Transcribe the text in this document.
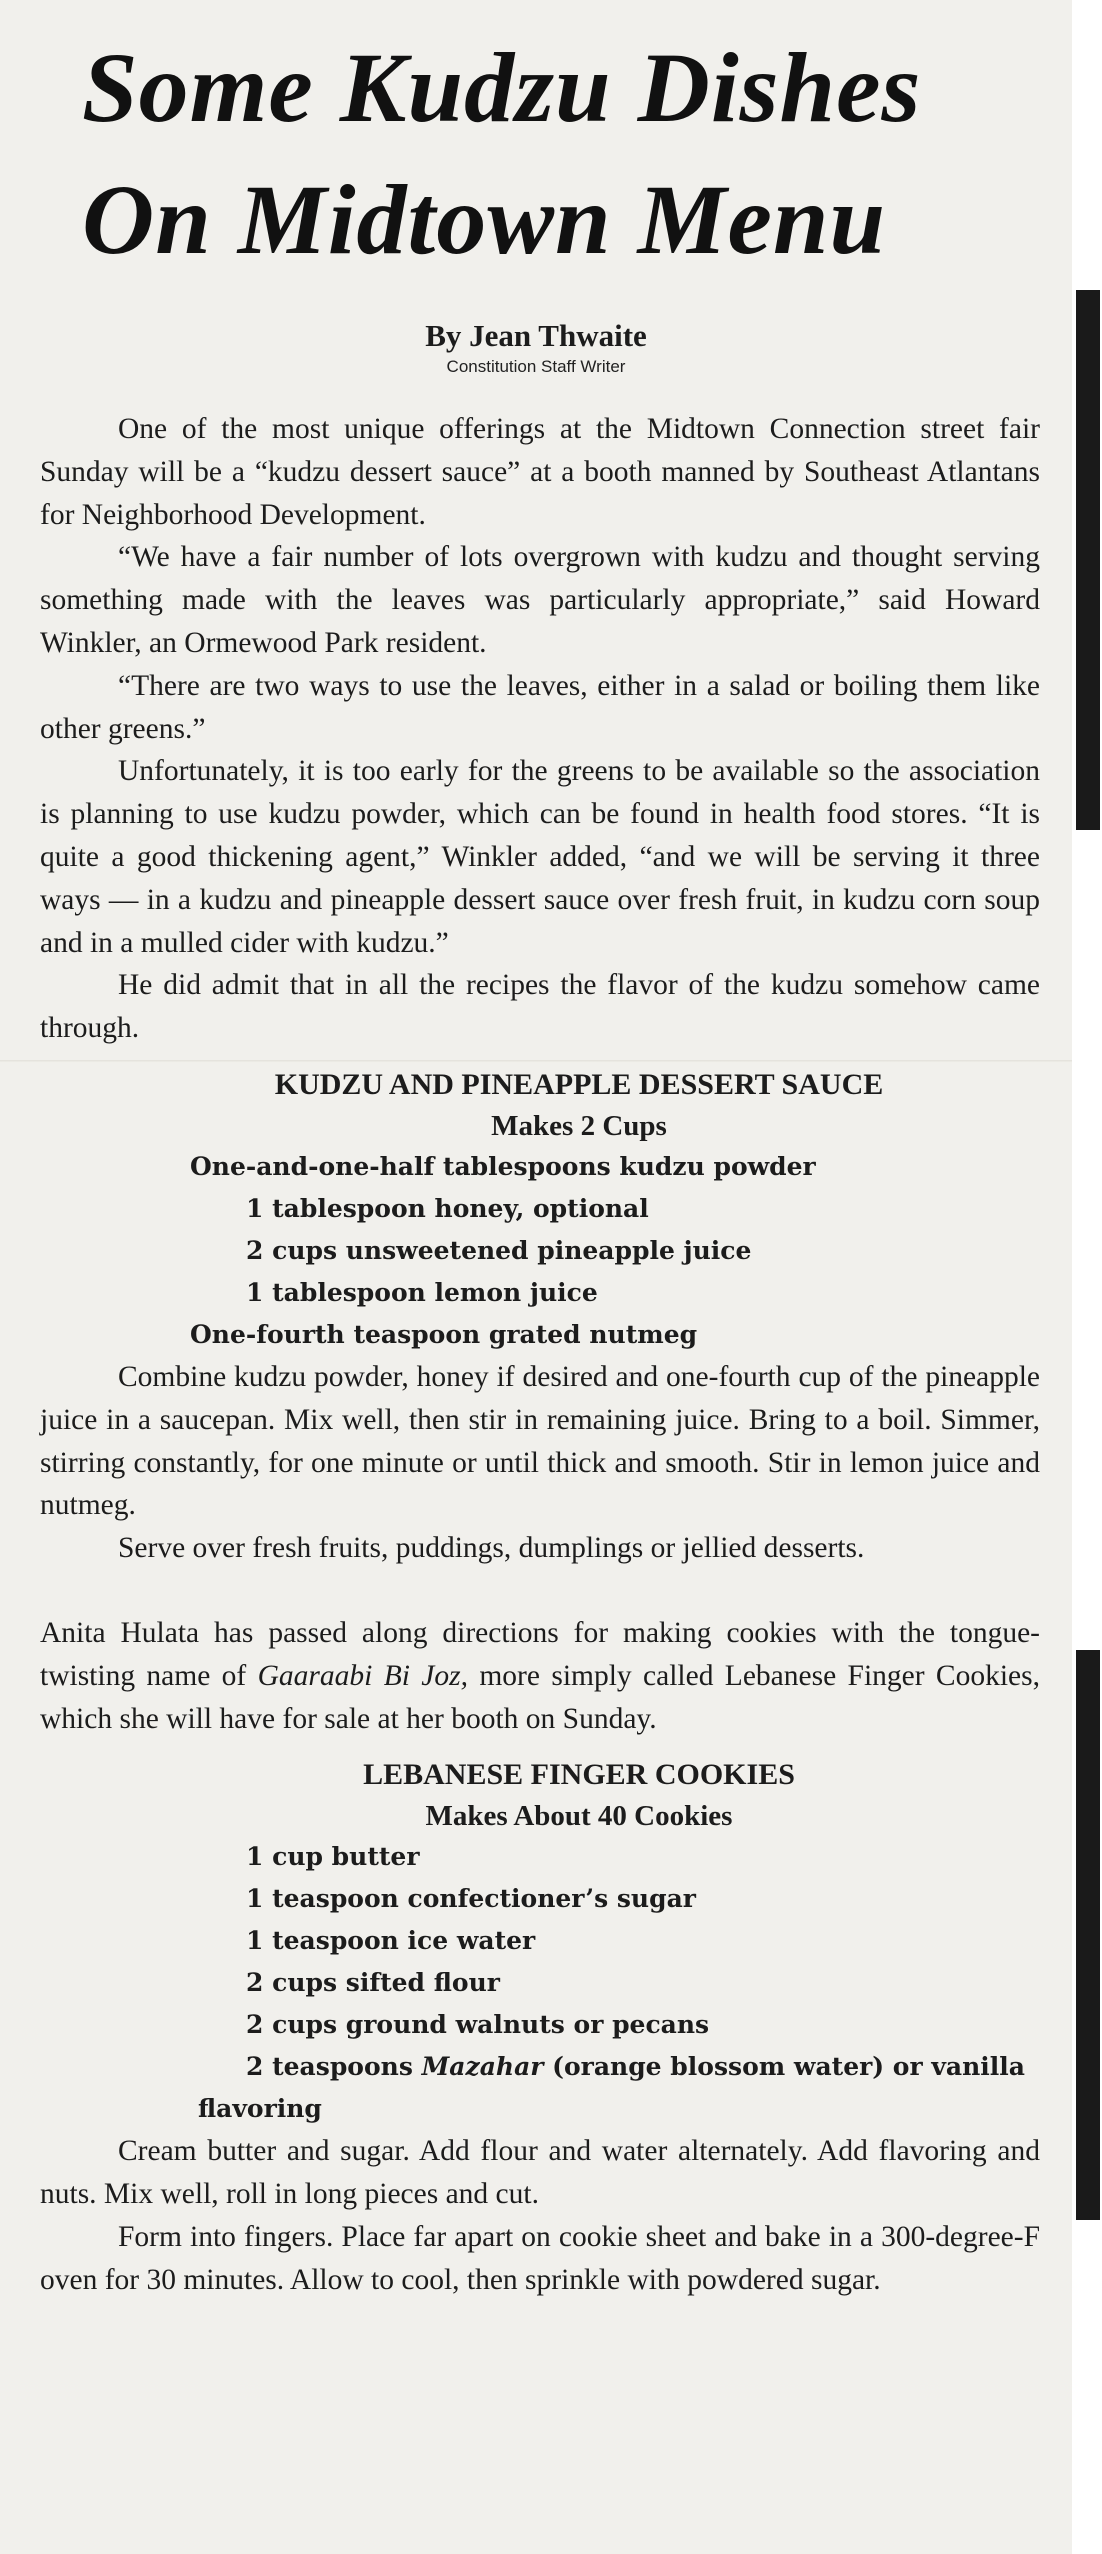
Some Kudzu Dishes
On Midtown Menu
By Jean Thwaite
Constitution Staff Writer

One of the most unique offerings at the Midtown Connection street fair Sunday will be a “kudzu dessert sauce” at a booth manned by Southeast Atlantans for Neighborhood Development.

“We have a fair number of lots overgrown with kudzu and thought serving something made with the leaves was particularly appropriate,” said Howard Winkler, an Ormewood Park resident.

“There are two ways to use the leaves, either in a salad or boiling them like other greens.”

Unfortunately, it is too early for the greens to be available so the association is planning to use kudzu powder, which can be found in health food stores. “It is quite a good thickening agent,” Winkler added, “and we will be serving it three ways — in a kudzu and pineapple dessert sauce over fresh fruit, in kudzu corn soup and in a mulled cider with kudzu.”

He did admit that in all the recipes the flavor of the kudzu somehow came through.

KUDZU AND PINEAPPLE DESSERT SAUCE

Makes 2 Cups

One-and-one-half tablespoons kudzu powder

1 tablespoon honey, optional

2 cups unsweetened pineapple juice

1 tablespoon lemon juice

One-fourth teaspoon grated nutmeg

Combine kudzu powder, honey if desired and one-fourth cup of the pineapple juice in a saucepan. Mix well, then stir in remaining juice. Bring to a boil. Simmer, stirring constantly, for one minute or until thick and smooth. Stir in lemon juice and nutmeg.

Serve over fresh fruits, puddings, dumplings or jellied desserts.

Anita Hulata has passed along directions for making cookies with the tongue-twisting name of Gaaraabi Bi Joz, more simply called Lebanese Finger Cookies, which she will have for sale at her booth on Sunday.

LEBANESE FINGER COOKIES

Makes About 40 Cookies

1 cup butter

1 teaspoon confectioner’s sugar

1 teaspoon ice water

2 cups sifted flour

2 cups ground walnuts or pecans

2 teaspoons Mazahar (orange blossom water) or vanilla

flavoring

Cream butter and sugar. Add flour and water alternately. Add flavoring and nuts. Mix well, roll in long pieces and cut.

Form into fingers. Place far apart on cookie sheet and bake in a 300-degree-F oven for 30 minutes. Allow to cool, then sprinkle with powdered sugar.
